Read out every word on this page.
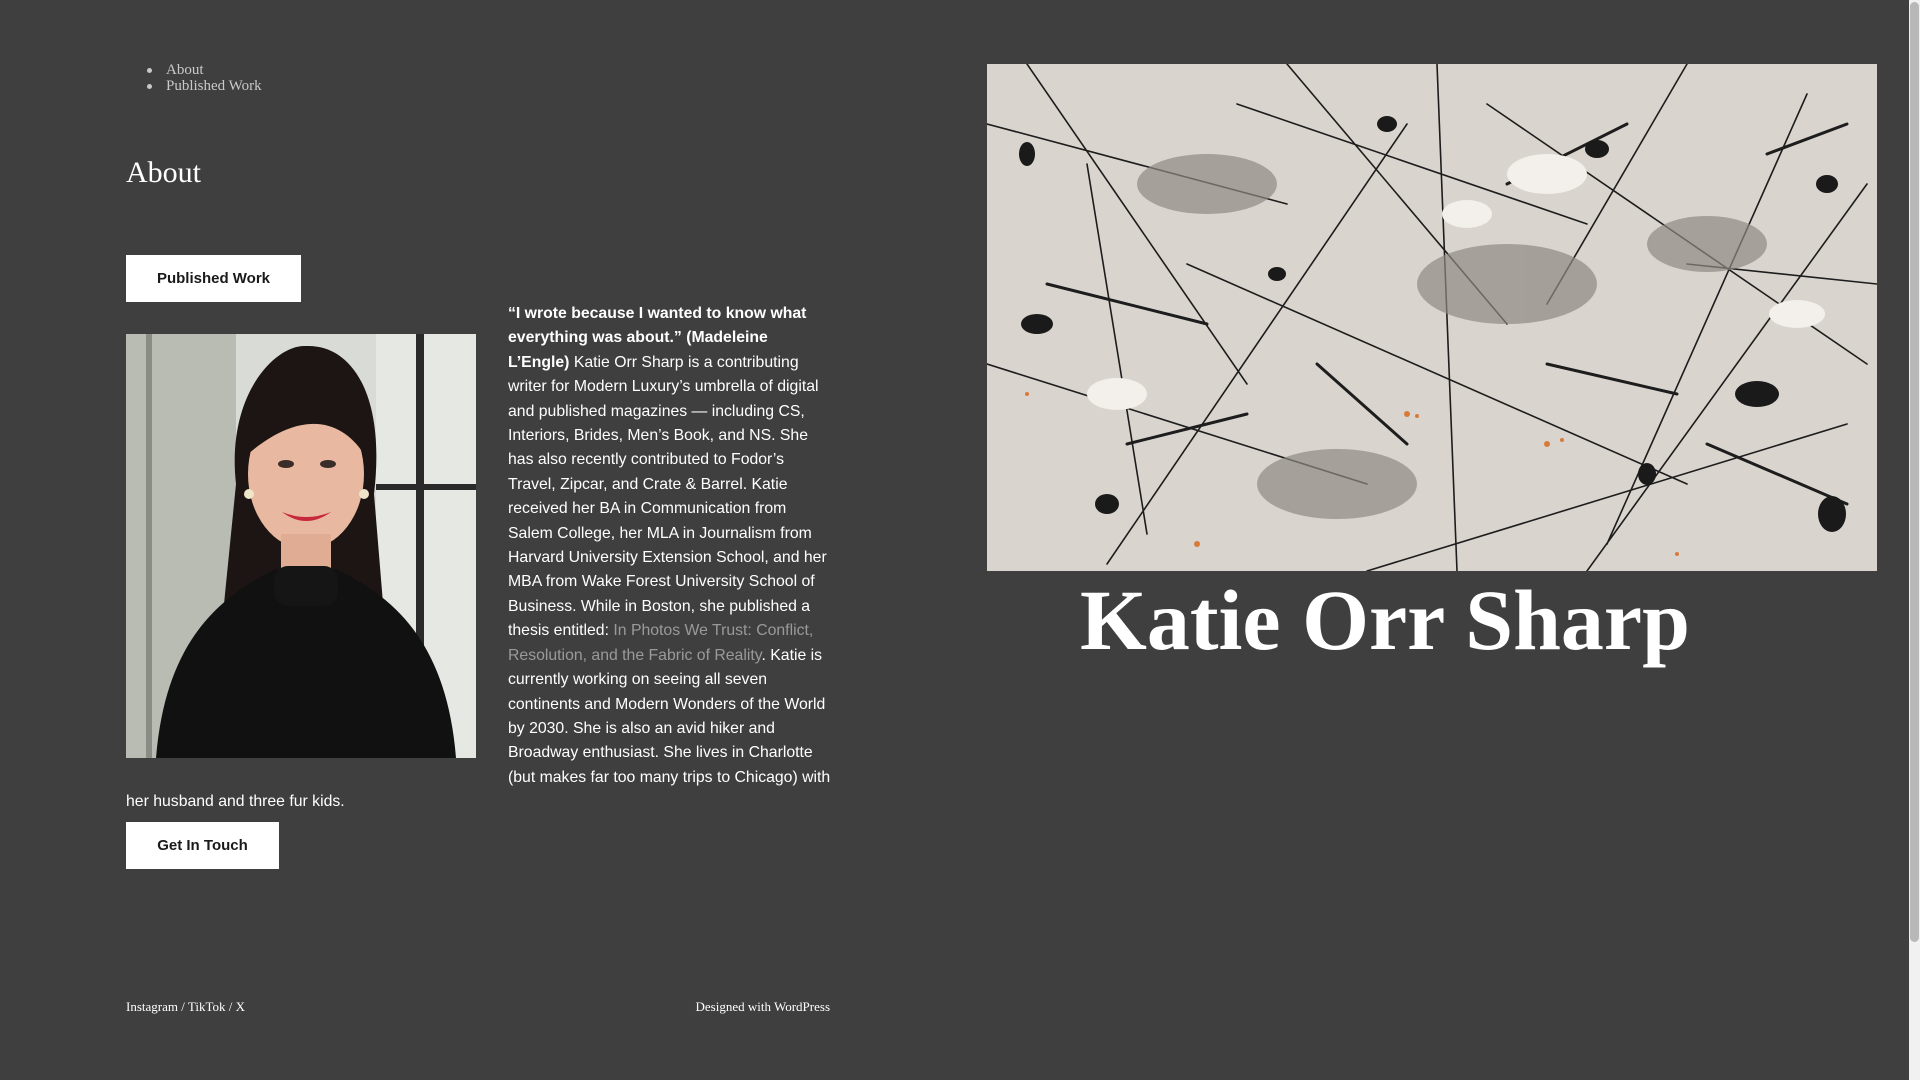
About
Published Work
About
Published Work
“I wrote because I wanted to know what everything was about.” (Madeleine L’Engle) Katie Orr Sharp is a contributing writer for Modern Luxury’s umbrella of digital and published magazines — including CS, Interiors, Brides, Men’s Book, and NS. She has also recently contributed to Fodor’s Travel, Zipcar, and Crate & Barrel. Katie received her BA in Communication from Salem College, her MLA in Journalism from Harvard University Extension School, and her MBA from Wake Forest University School of Business. While in Boston, she published a thesis entitled: In Photos We Trust: Conflict, Resolution, and the Fabric of Reality. Katie is currently working on seeing all seven continents and Modern Wonders of the World by 2030. She is also an avid hiker and Broadway enthusiast. She lives in Charlotte (but makes far too many trips to Chicago) with her husband and three fur kids.
Get In Touch
Katie Orr Sharp
Instagram / TikTok / X	Designed with WordPress
